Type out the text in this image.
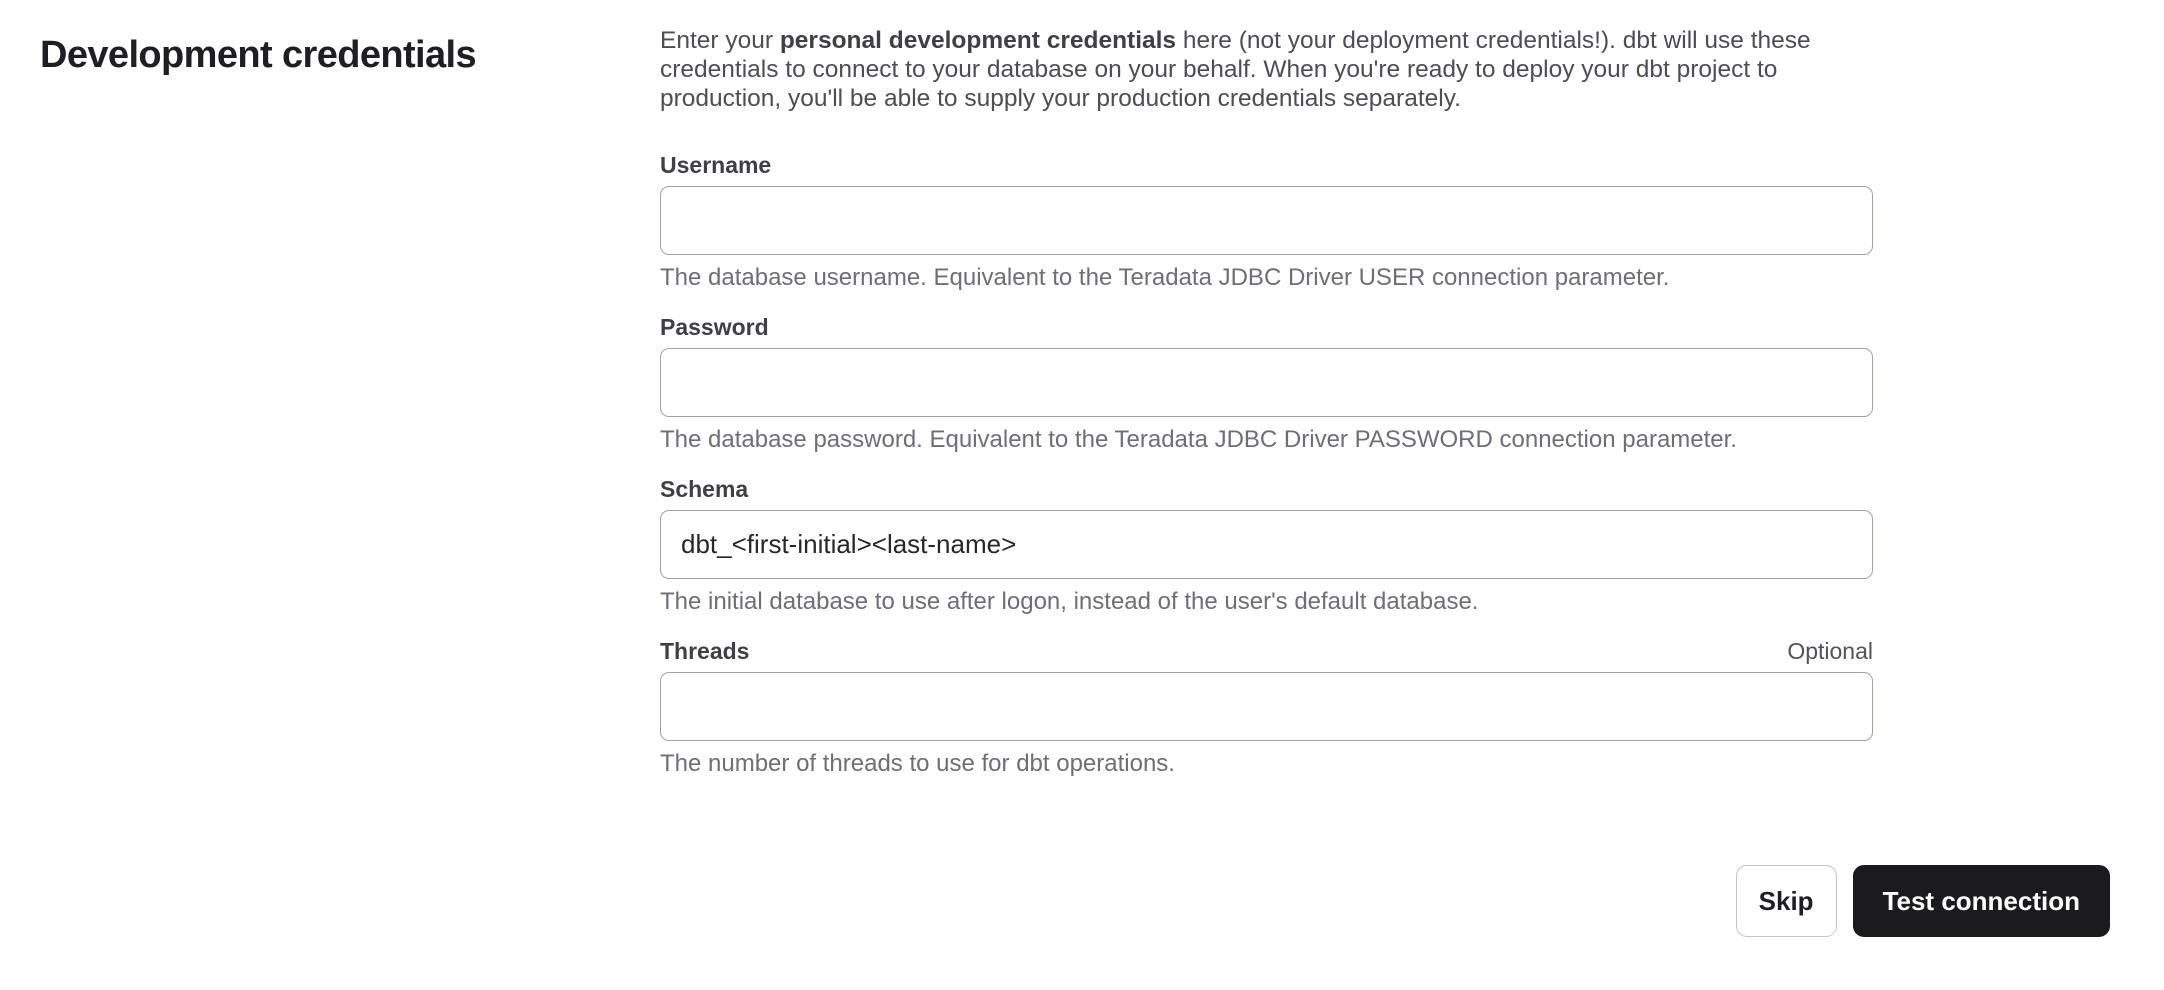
Development credentials	Enter your personal development credentials here (not your deployment credentials!). dbt will use these credentials to connect to your database on your behalf. When you're ready to deploy your dbt project to production, you'll be able to supply your production credentials separately.

Username

The database username. Equivalent to the Teradata JDBC Driver USER connection parameter.

Password

The database password. Equivalent to the Teradata JDBC Driver PASSWORD connection parameter.

Schema
dbt_<first-initial><last-name>

The initial database to use after logon, instead of the user's default database.

Threads	Optional

The number of threads to use for dbt operations.

Skip	Test connection
